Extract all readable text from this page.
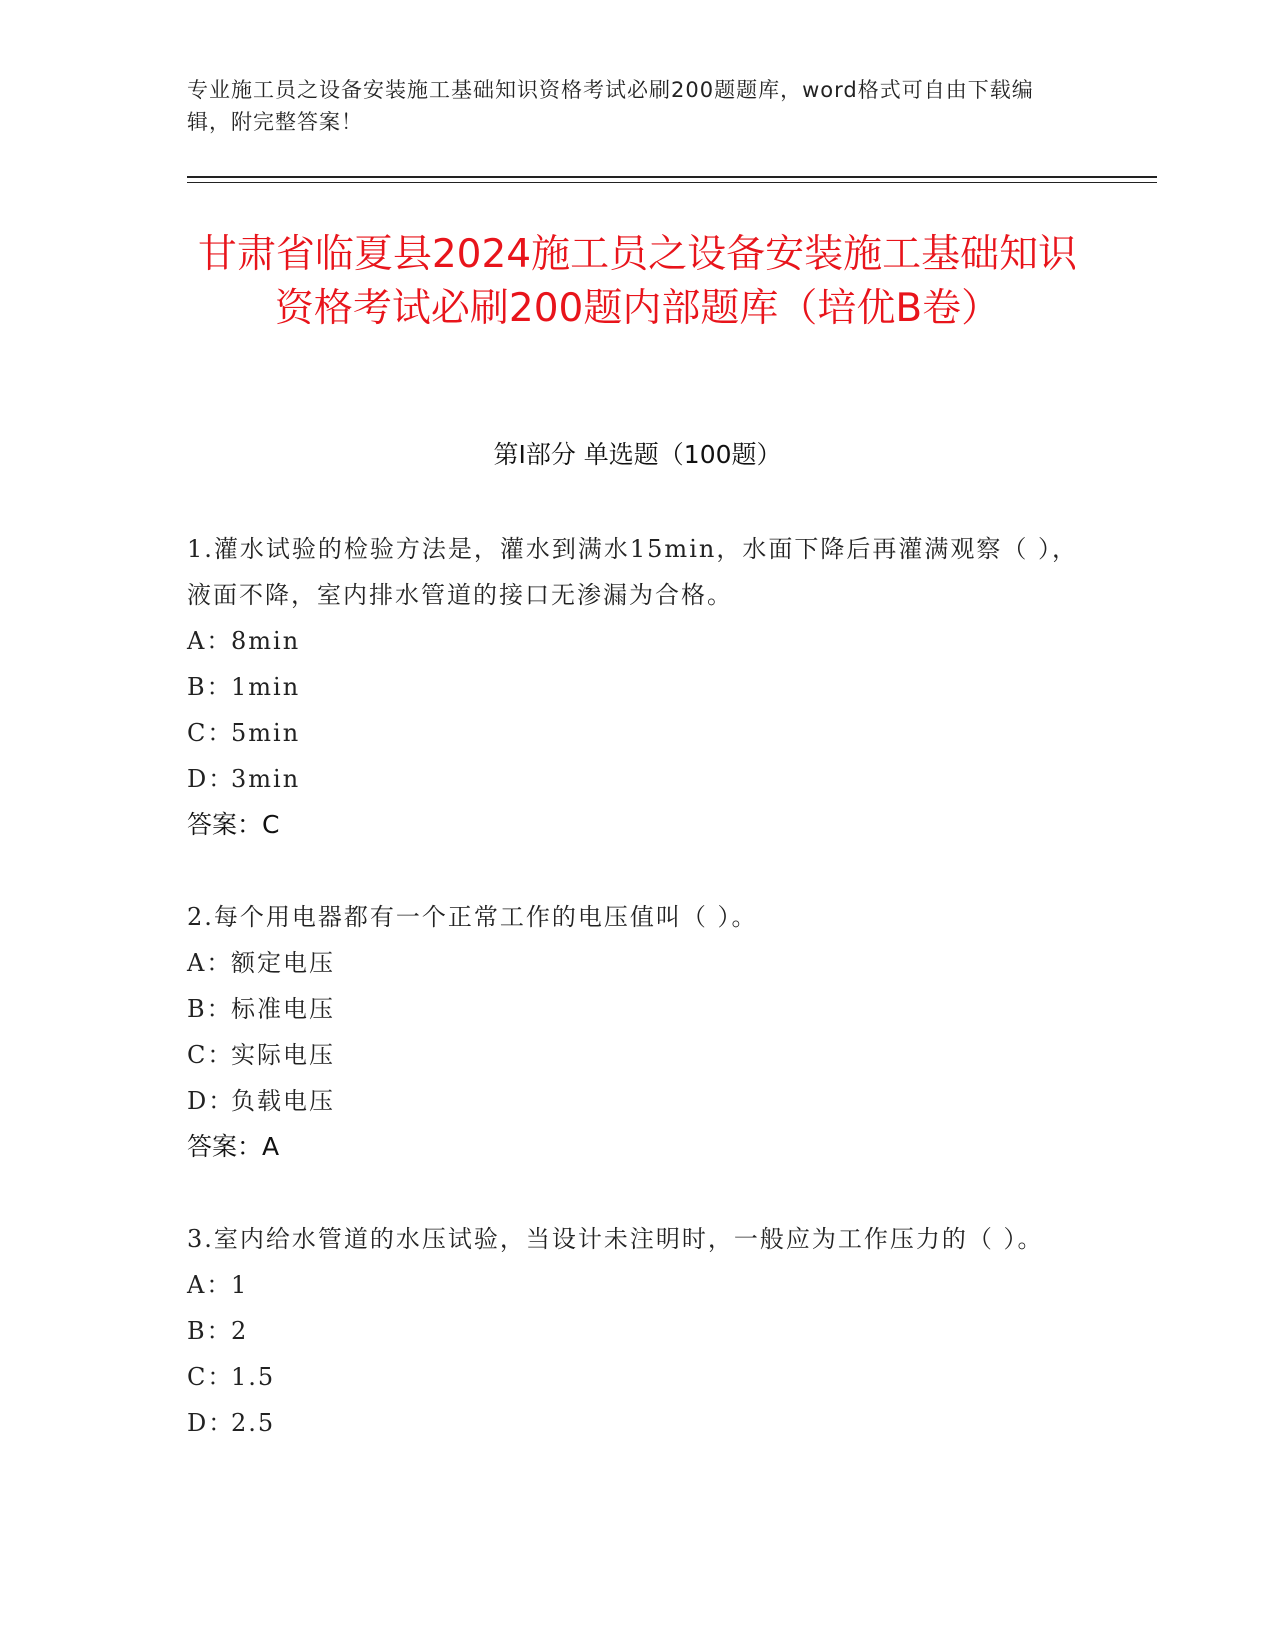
专业施工员之设备安装施工基础知识资格考试必刷200题题库，word格式可自由下载编辑，附完整答案！
甘肃省临夏县2024施工员之设备安装施工基础知识资格考试必刷200题内部题库（培优B卷）
第Ⅰ部分 单选题（100题）

1.灌水试验的检验方法是，灌水到满水15min，水面下降后再灌满观察（ ），液面不降，室内排水管道的接口无渗漏为合格。

A：8min
B：1min
C：5min
D：3min
答案：C

2.每个用电器都有一个正常工作的电压值叫（ ）。

A：额定电压
B：标准电压
C：实际电压
D：负载电压
答案：A

3.室内给水管道的水压试验，当设计未注明时，一般应为工作压力的（ ）。

A：1
B：2
C：1.5
D：2.5
